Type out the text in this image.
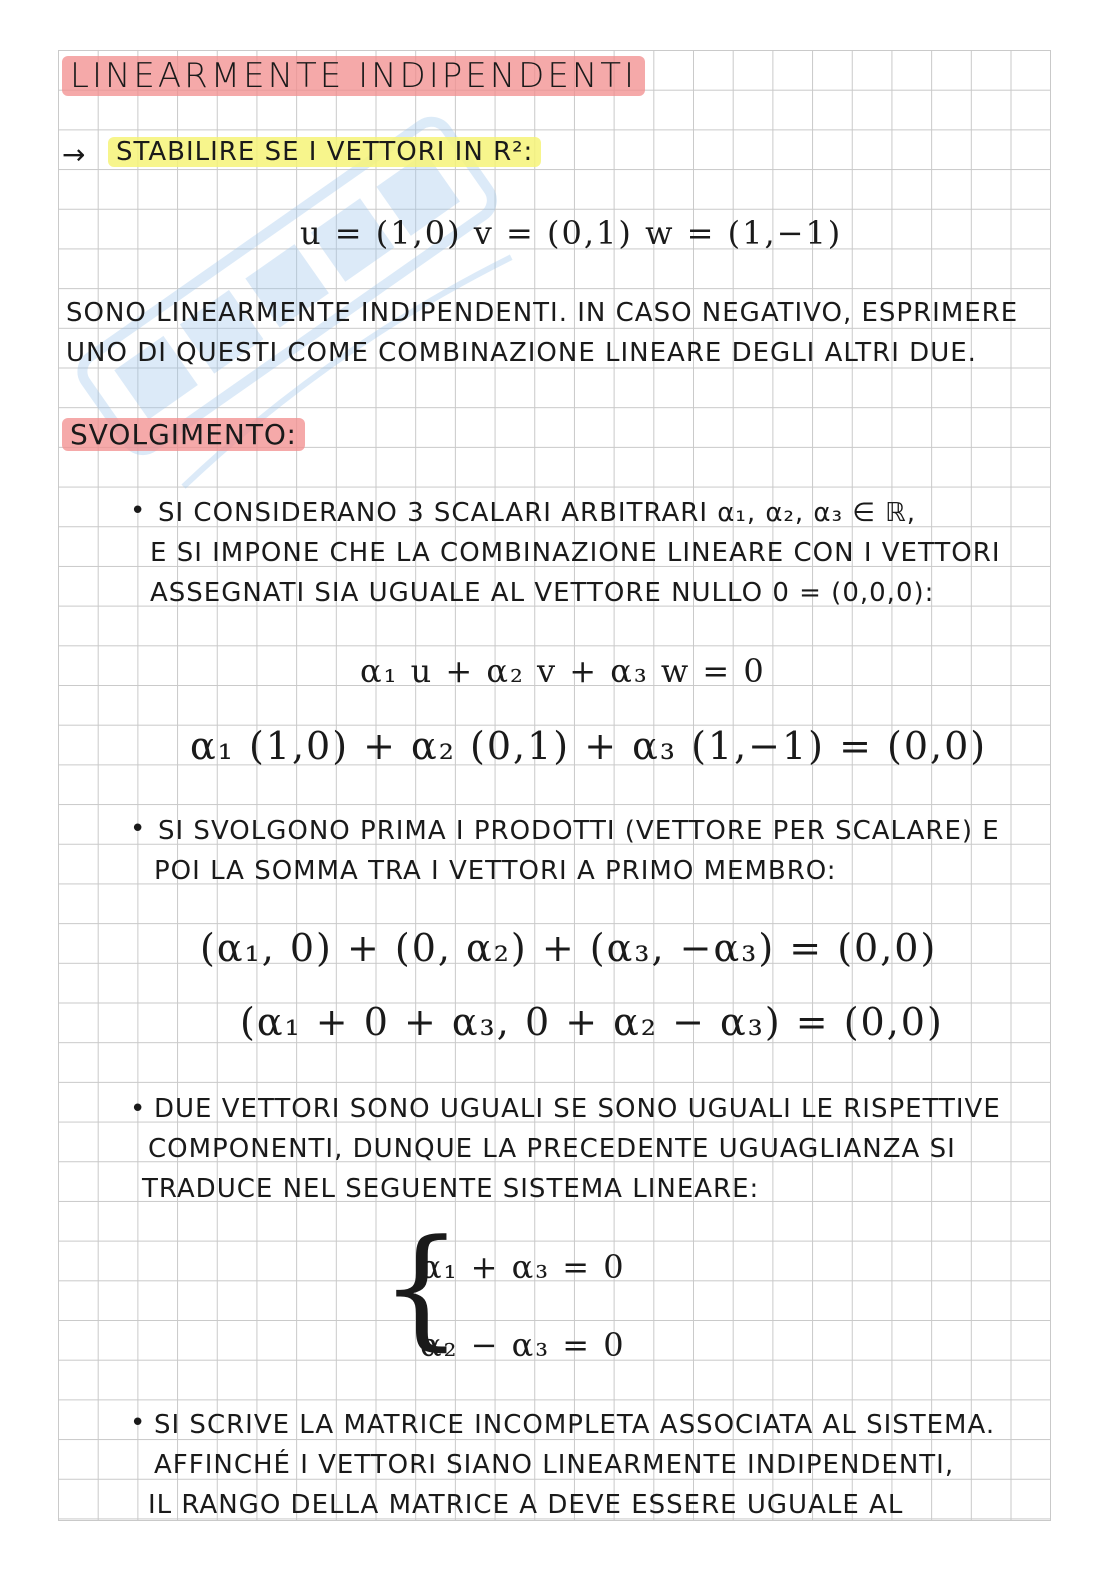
LINEARMENTE INDIPENDENTI
→	STABILIRE SE I VETTORI IN R²:
u = (1,0) v = (0,1) w = (1,−1)
SONO LINEARMENTE INDIPENDENTI. IN CASO NEGATIVO, ESPRIMERE
UNO DI QUESTI COME COMBINAZIONE LINEARE DEGLI ALTRI DUE.
SVOLGIMENTO:
• SI CONSIDERANO 3 SCALARI ARBITRARI α₁, α₂, α₃ ∈ ℝ,
E SI IMPONE CHE LA COMBINAZIONE LINEARE CON I VETTORI
ASSEGNATI SIA UGUALE AL VETTORE NULLO 0 = (0,0,0):
α₁ u + α₂ v + α₃ w = 0
α₁ (1,0) + α₂ (0,1) + α₃ (1,−1) = (0,0)
• SI SVOLGONO PRIMA I PRODOTTI (VETTORE PER SCALARE) E
POI LA SOMMA TRA I VETTORI A PRIMO MEMBRO:
(α₁, 0) + (0, α₂) + (α₃, −α₃) = (0,0)
(α₁ + 0 + α₃, 0 + α₂ − α₃) = (0,0)
• DUE VETTORI SONO UGUALI SE SONO UGUALI LE RISPETTIVE
COMPONENTI, DUNQUE LA PRECEDENTE UGUAGLIANZA SI
TRADUCE NEL SEGUENTE SISTEMA LINEARE:
{
α₁ + α₃ = 0
α₂ − α₃ = 0
• SI SCRIVE LA MATRICE INCOMPLETA ASSOCIATA AL SISTEMA.
AFFINCHÉ I VETTORI SIANO LINEARMENTE INDIPENDENTI,
IL RANGO DELLA MATRICE A DEVE ESSERE UGUALE AL
